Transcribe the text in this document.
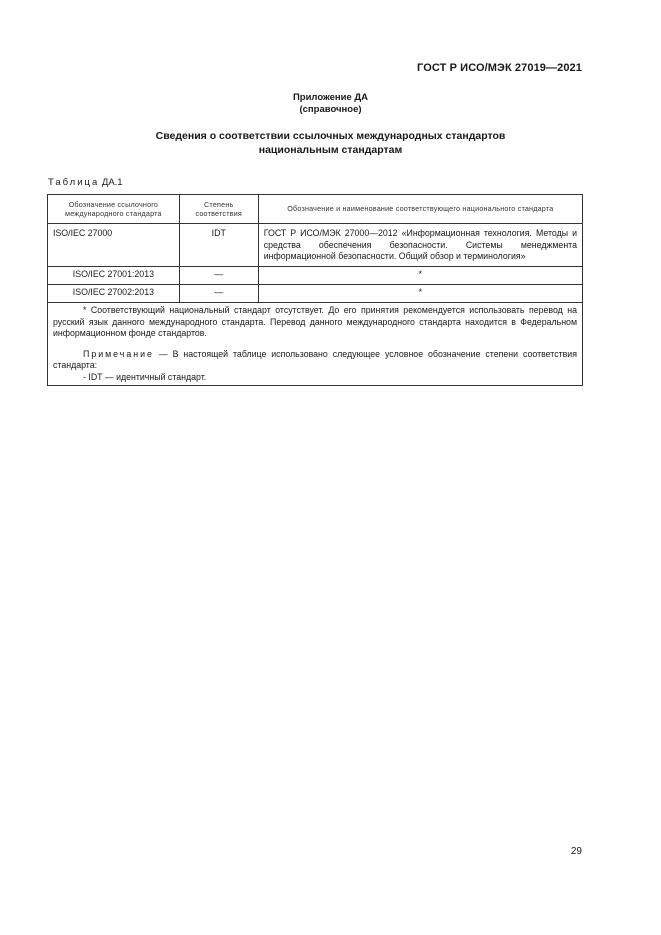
ГОСТ Р ИСО/МЭК 27019—2021
Приложение ДА
(справочное)
Сведения о соответствии ссылочных международных стандартов
национальным стандартам
Таблица ДА.1
Обозначение ссылочного международного стандарта	Степень соответствия	Обозначение и наименование соответствующего национального стандарта
ISO/IEC 27000	IDT	ГОСТ Р ИСО/МЭК 27000—2012 «Информационная технология. Методы и средства обеспечения безопасности. Системы менеджмента информационной безопасности. Общий обзор и терминология»
ISO/IEC 27001:2013	—	*
ISO/IEC 27002:2013	—	*

* Соответствующий национальный стандарт отсутствует. До его принятия рекомендуется использовать перевод на русский язык данного международного стандарта. Перевод данного международного стандарта находится в Федеральном информационном фонде стандартов.

Примечание — В настоящей таблице использовано следующее условное обозначение степени соответствия стандарта:

- IDT — идентичный стандарт.		

29
